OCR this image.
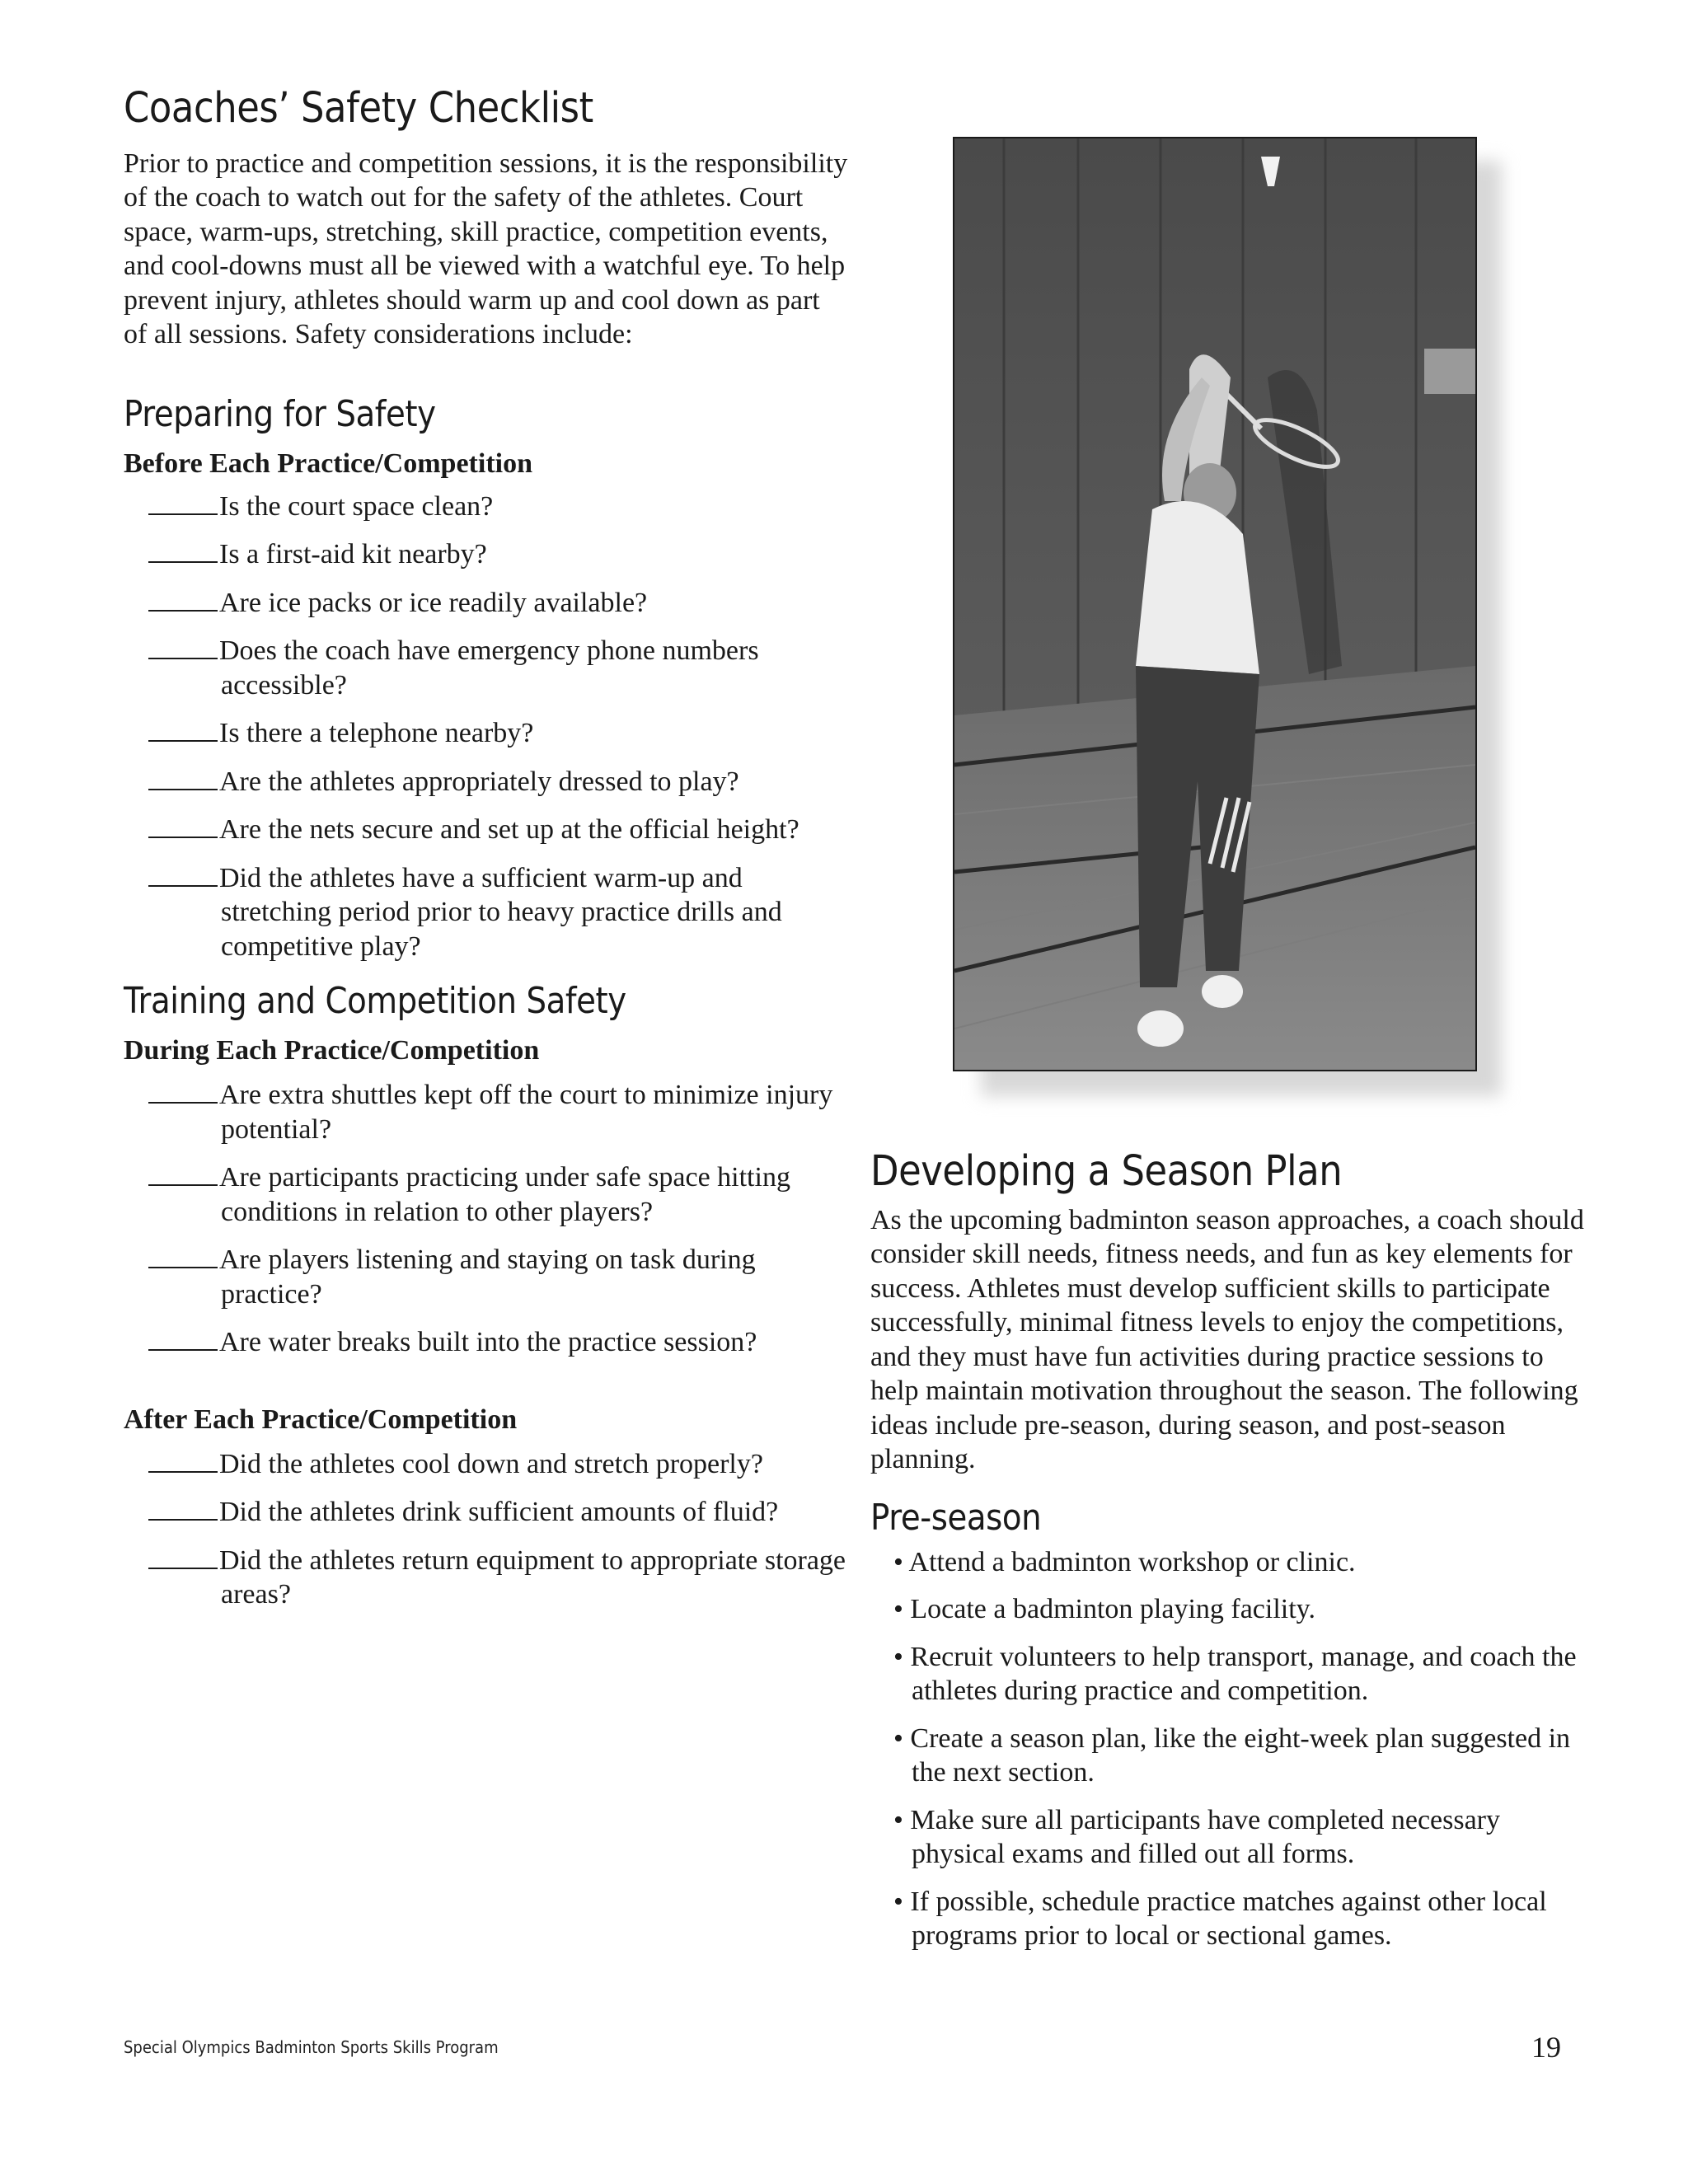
Coaches’ Safety Checklist

Prior to practice and competition sessions, it is the responsibility of the coach to watch out for the safety of the athletes. Court space, warm-ups, stretching, skill practice, competition events, and cool-downs must all be viewed with a watchful eye. To help prevent injury, athletes should warm up and cool down as part of all sessions. Safety considerations include:

Preparing for Safety

Before Each Practice/Competition

Is the court space clean?
Is a first-aid kit nearby?
Are ice packs or ice readily available?
Does the coach have emergency phone numbers accessible?
Is there a telephone nearby?
Are the athletes appropriately dressed to play?
Are the nets secure and set up at the official height?
Did the athletes have a sufficient warm-up and stretching period prior to heavy practice drills and competitive play?
Training and Competition Safety

During Each Practice/Competition

Are extra shuttles kept off the court to minimize injury potential?
Are participants practicing under safe space hitting conditions in relation to other players?
Are players listening and staying on task during practice?
Are water breaks built into the practice session?

After Each Practice/Competition

Did the athletes cool down and stretch properly?
Did the athletes drink sufficient amounts of fluid?
Did the athletes return equipment to appropriate storage areas?
Developing a Season Plan

As the upcoming badminton season approaches, a coach should consider skill needs, fitness needs, and fun as key elements for success. Athletes must develop sufficient skills to participate successfully, minimal fitness levels to enjoy the competitions, and they must have fun activities during practice sessions to help maintain motivation throughout the season. The following ideas include pre-season, during season, and post-season planning.

Pre-season
• Attend a badminton workshop or clinic.
• Locate a badminton playing facility.
• Recruit volunteers to help transport, manage, and coach the athletes during practice and competition.
• Create a season plan, like the eight-week plan suggested in the next section.
• Make sure all participants have completed necessary physical exams and filled out all forms.
• If possible, schedule practice matches against other local programs prior to local or sectional games.
Special Olympics Badminton Sports Skills Program	19
